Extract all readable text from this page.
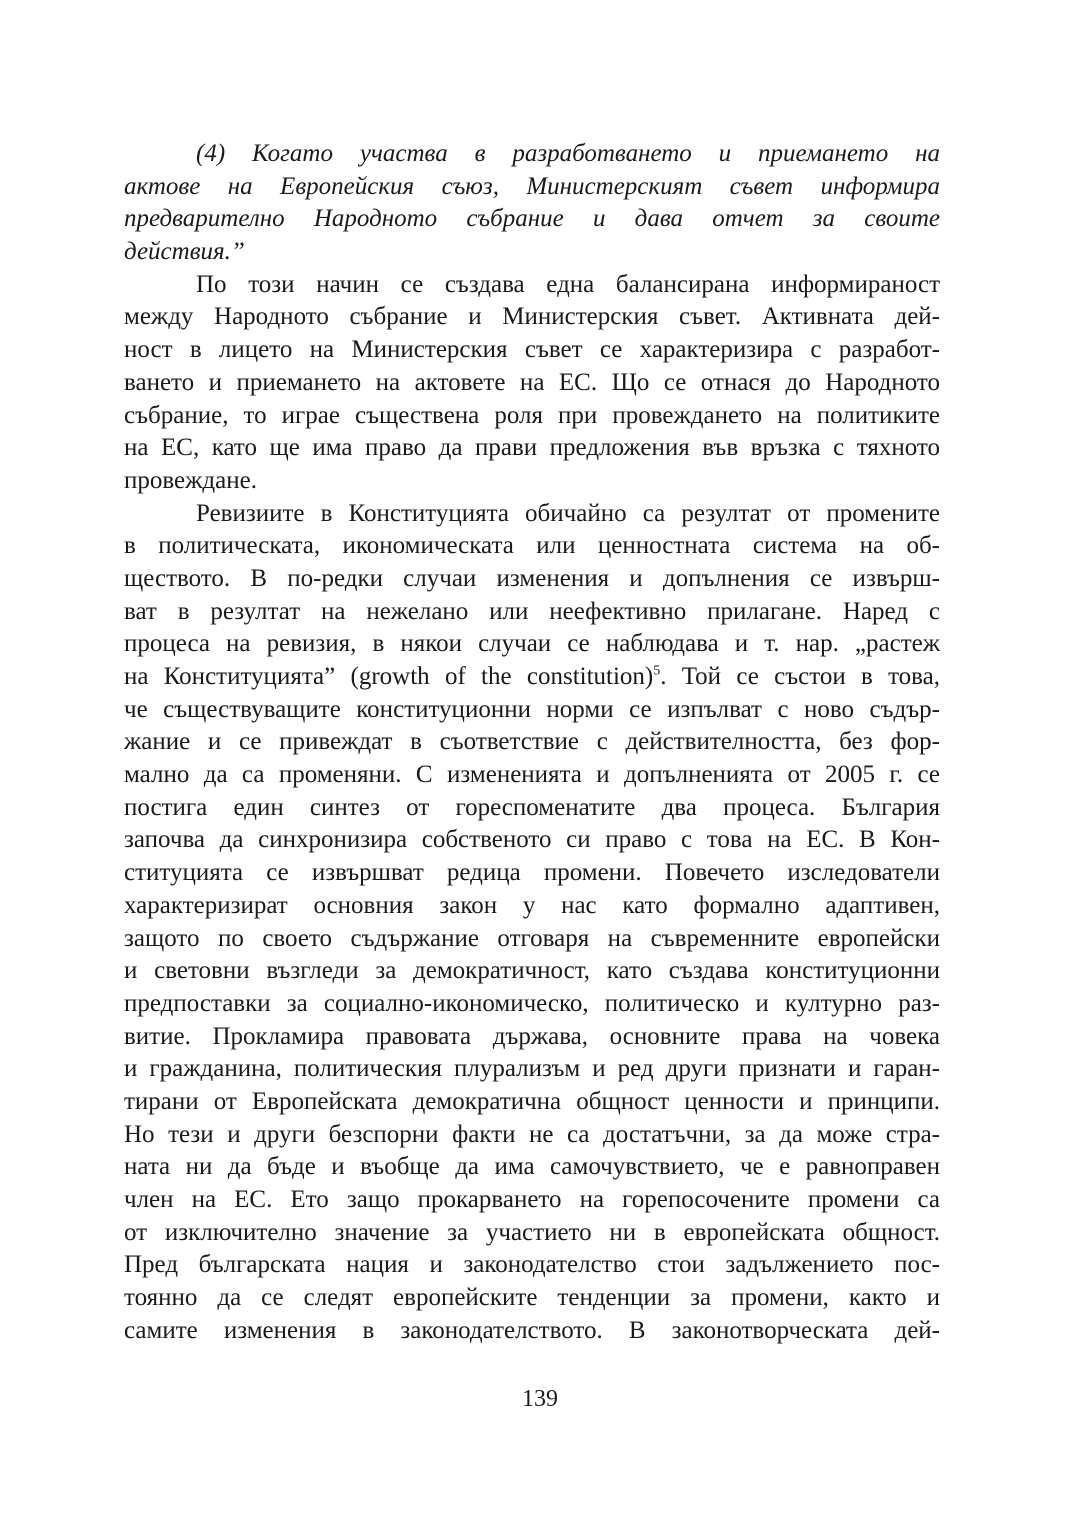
(4) Когато участва в разработването и приемането на
актове на Европейския съюз, Министерският съвет информира
предварително Народното събрание и дава отчет за своите
действия.”
По този начин се създава една балансирана информираност
между Народното събрание и Министерския съвет. Активната дей-
ност в лицето на Министерския съвет се характеризира с разработ-
ването и приемането на актовете на ЕС. Що се отнася до Народното
събрание, то играе съществена роля при провеждането на политиките
на ЕС, като ще има право да прави предложения във връзка с тяхното
провеждане.
Ревизиите в Конституцията обичайно са резултат от промените
в политическата, икономическата или ценностната система на об-
ществото. В по-редки случаи изменения и допълнения се извърш-
ват в резултат на нежелано или неефективно прилагане. Наред с
процеса на ревизия, в някои случаи се наблюдава и т. нар. „растеж
на Конституцията” (growth of the constitution)$^5$. Той се състои в това,
че съществуващите конституционни норми се изпълват с ново съдър-
жание и се привеждат в съответствие с действителността, без фор-
мално да са променяни. С измененията и допълненията от 2005 г. се
постига един синтез от гореспоменатите два процеса. България
започва да синхронизира собственото си право с това на ЕС. В Кон-
ституцията се извършват редица промени. Повечето изследователи
характеризират основния закон у нас като формално адаптивен,
защото по своето съдържание отговаря на съвременните европейски
и световни възгледи за демократичност, като създава конституционни
предпоставки за социално-икономическо, политическо и културно раз-
витие. Прокламира правовата държава, основните права на човека
и гражданина, политическия плурализъм и ред други признати и гаран-
тирани от Европейската демократична общност ценности и принципи.
Но тези и други безспорни факти не са достатъчни, за да може стра-
ната ни да бъде и въобще да има самочувствието, че е равноправен
член на ЕС. Ето защо прокарването на горепосочените промени са
от изключително значение за участието ни в европейската общност.
Пред българската нация и законодателство стои задължението пос-
тоянно да се следят европейските тенденции за промени, както и
самите изменения в законодателството. В законотворческата дей-
139
